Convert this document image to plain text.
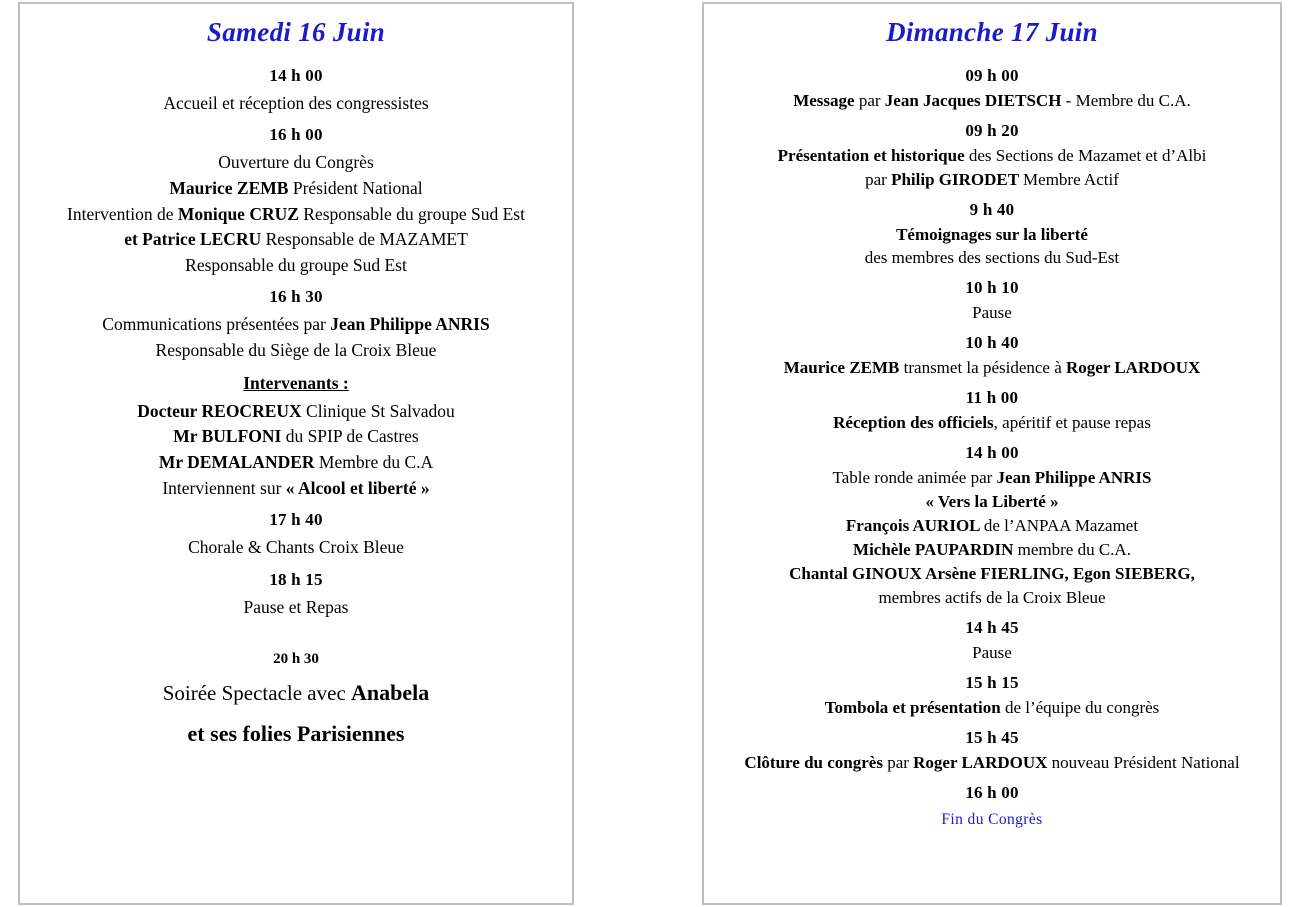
Samedi 16 Juin
14 h 00
Accueil et réception des congressistes
16 h 00
Ouverture du Congrès
Maurice ZEMB Président National
Intervention de Monique CRUZ Responsable du groupe Sud Est
et Patrice LECRU Responsable de MAZAMET
Responsable du groupe Sud Est
16 h 30
Communications présentées par Jean Philippe ANRIS
Responsable du Siège de la Croix Bleue
Intervenants :
Docteur REOCREUX Clinique St Salvadou
Mr BULFONI du SPIP de Castres
Mr DEMALANDER Membre du C.A
Interviennent sur « Alcool et liberté »
17 h 40
Chorale & Chants Croix Bleue
18 h 15
Pause et Repas
20 h 30
Soirée Spectacle avec Anabela
et ses folies Parisiennes
Dimanche 17 Juin
09 h 00
Message par Jean Jacques DIETSCH - Membre du C.A.
09 h 20
Présentation et historique des Sections de Mazamet et d’Albi
par Philip GIRODET Membre Actif
9 h 40
Témoignages sur la liberté
des membres des sections du Sud-Est
10 h 10
Pause
10 h 40
Maurice ZEMB transmet la pésidence à Roger LARDOUX
11 h 00
Réception des officiels, apéritif et pause repas
14 h 00
Table ronde animée par Jean Philippe ANRIS
« Vers la Liberté »
François AURIOL de l’ANPAA Mazamet
Michèle PAUPARDIN membre du C.A.
Chantal GINOUX Arsène FIERLING, Egon SIEBERG,
membres actifs de la Croix Bleue
14 h 45
Pause
15 h 15
Tombola et présentation de l’équipe du congrès
15 h 45
Clôture du congrès par Roger LARDOUX nouveau Président National
16 h 00
Fin du Congrès
